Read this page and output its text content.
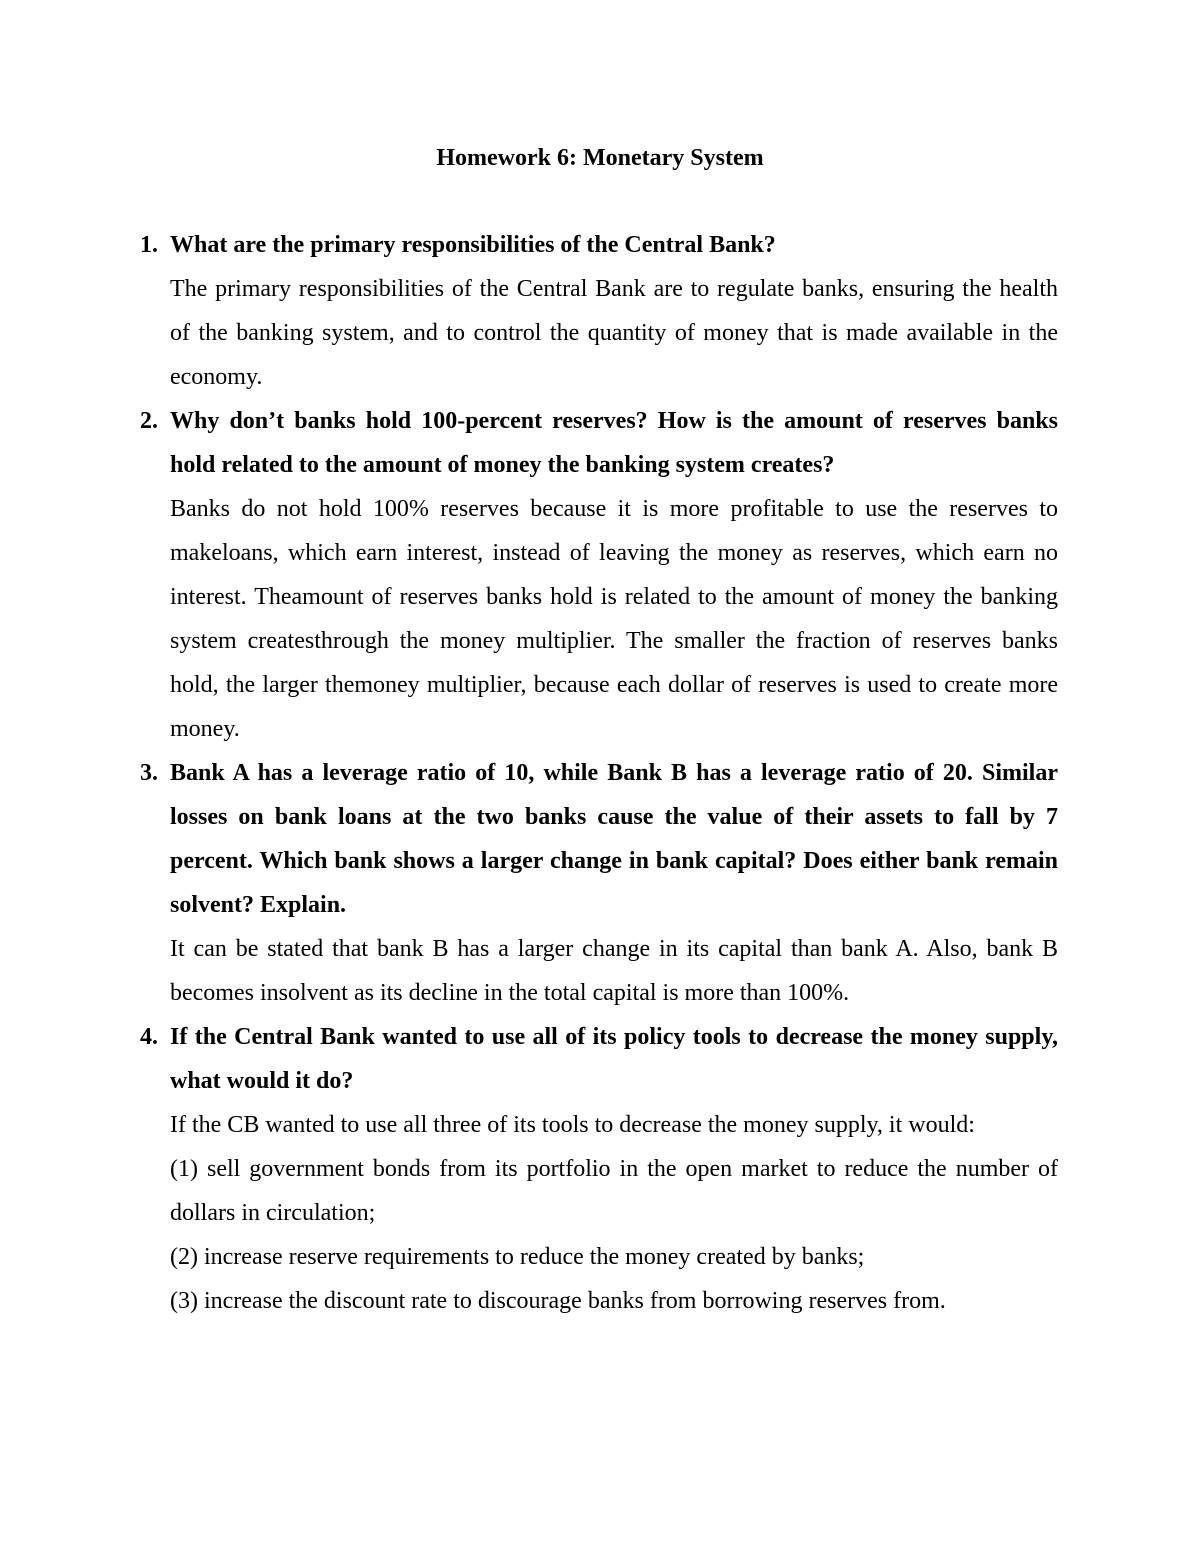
Homework 6: Monetary System
1. What are the primary responsibilities of the Central Bank?

The primary responsibilities of the Central Bank are to regulate banks, ensuring the health of the banking system, and to control the quantity of money that is made available in the economy.

2. Why don’t banks hold 100-percent reserves? How is the amount of reserves banks hold related to the amount of money the banking system creates?

Banks do not hold 100% reserves because it is more profitable to use the reserves to makeloans, which earn interest, instead of leaving the money as reserves, which earn no interest. Theamount of reserves banks hold is related to the amount of money the banking system createsthrough the money multiplier. The smaller the fraction of reserves banks hold, the larger themoney multiplier, because each dollar of reserves is used to create more money.

3. Bank A has a leverage ratio of 10, while Bank B has a leverage ratio of 20. Similar losses on bank loans at the two banks cause the value of their assets to fall by 7 percent. Which bank shows a larger change in bank capital? Does either bank remain solvent? Explain.

It can be stated that bank B has a larger change in its capital than bank A. Also, bank B becomes insolvent as its decline in the total capital is more than 100%.

4. If the Central Bank wanted to use all of its policy tools to decrease the money supply, what would it do?

If the CB wanted to use all three of its tools to decrease the money supply, it would:

(1) sell government bonds from its portfolio in the open market to reduce the number of dollars in circulation;

(2) increase reserve requirements to reduce the money created by banks;

(3) increase the discount rate to discourage banks from borrowing reserves from.
